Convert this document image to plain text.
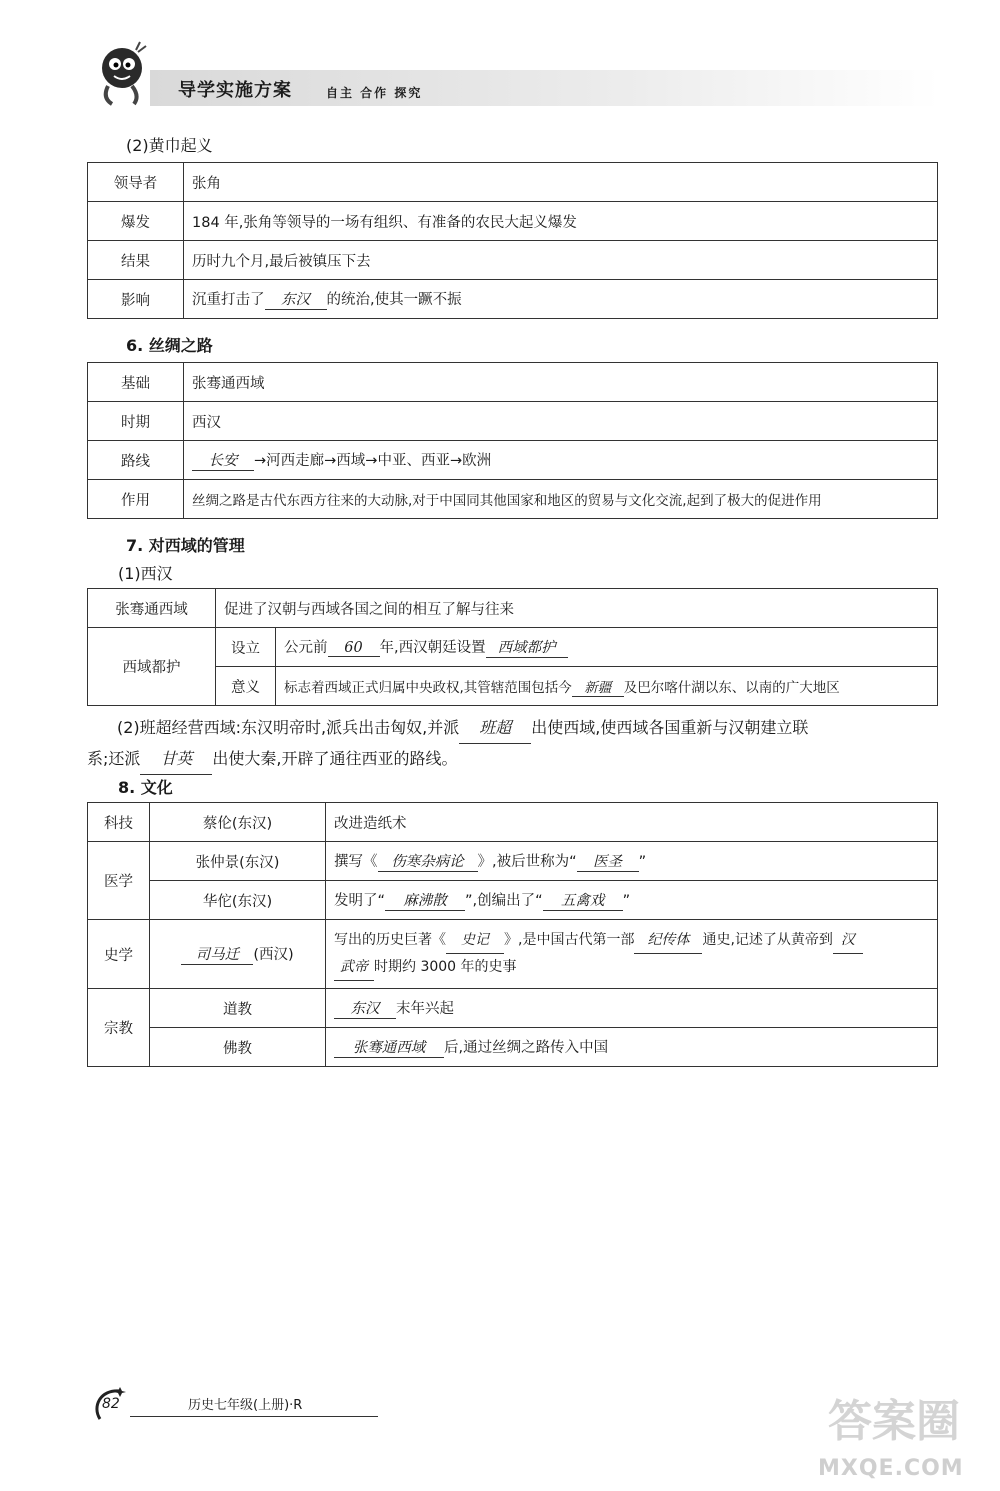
导学实施方案	自主 合作 探究
(2)黄巾起义
领导者	张角
爆发	184 年,张角等领导的一场有组织、有准备的农民大起义爆发
结果	历时九个月,最后被镇压下去
影响	沉重打击了 东汉 的统治,使其一蹶不振
6. 丝绸之路
基础	张骞通西域
时期	西汉
路线	长安 →河西走廊→西域→中亚、西亚→欧洲
作用	丝绸之路是古代东西方往来的大动脉,对于中国同其他国家和地区的贸易与文化交流,起到了极大的促进作用
7. 对西域的管理
(1)西汉
张骞通西域	促进了汉朝与西域各国之间的相互了解与往来	
西域都护	设立	公元前 60 年,西汉朝廷设置 西域都护
	意义	标志着西域正式归属中央政权,其管辖范围包括今 新疆 及巴尔喀什湖以东、以南的广大地区
(2)班超经营西域:东汉明帝时,派兵出击匈奴,并派 班超 出使西域,使西域各国重新与汉朝建立联
系;还派 甘英 出使大秦,开辟了通往西亚的路线。
8. 文化
科技	蔡伦(东汉)	改进造纸术
医学	张仲景(东汉)	撰写《 伤寒杂病论 》,被后世称为“ 医圣 ”
	华佗(东汉)	发明了“ 麻沸散 ”,创编出了“ 五禽戏 ”
史学	司马迁 (西汉)	写出的历史巨著《 史记 》,是中国古代第一部 纪传体 通史,记述了从黄帝到 汉
武帝 时期约 3000 年的史事

宗教	道教	东汉 末年兴起
	佛教	张骞通西域 后,通过丝绸之路传入中国
82	历史七年级(上册)·R	答案圈
MXQE.COM
